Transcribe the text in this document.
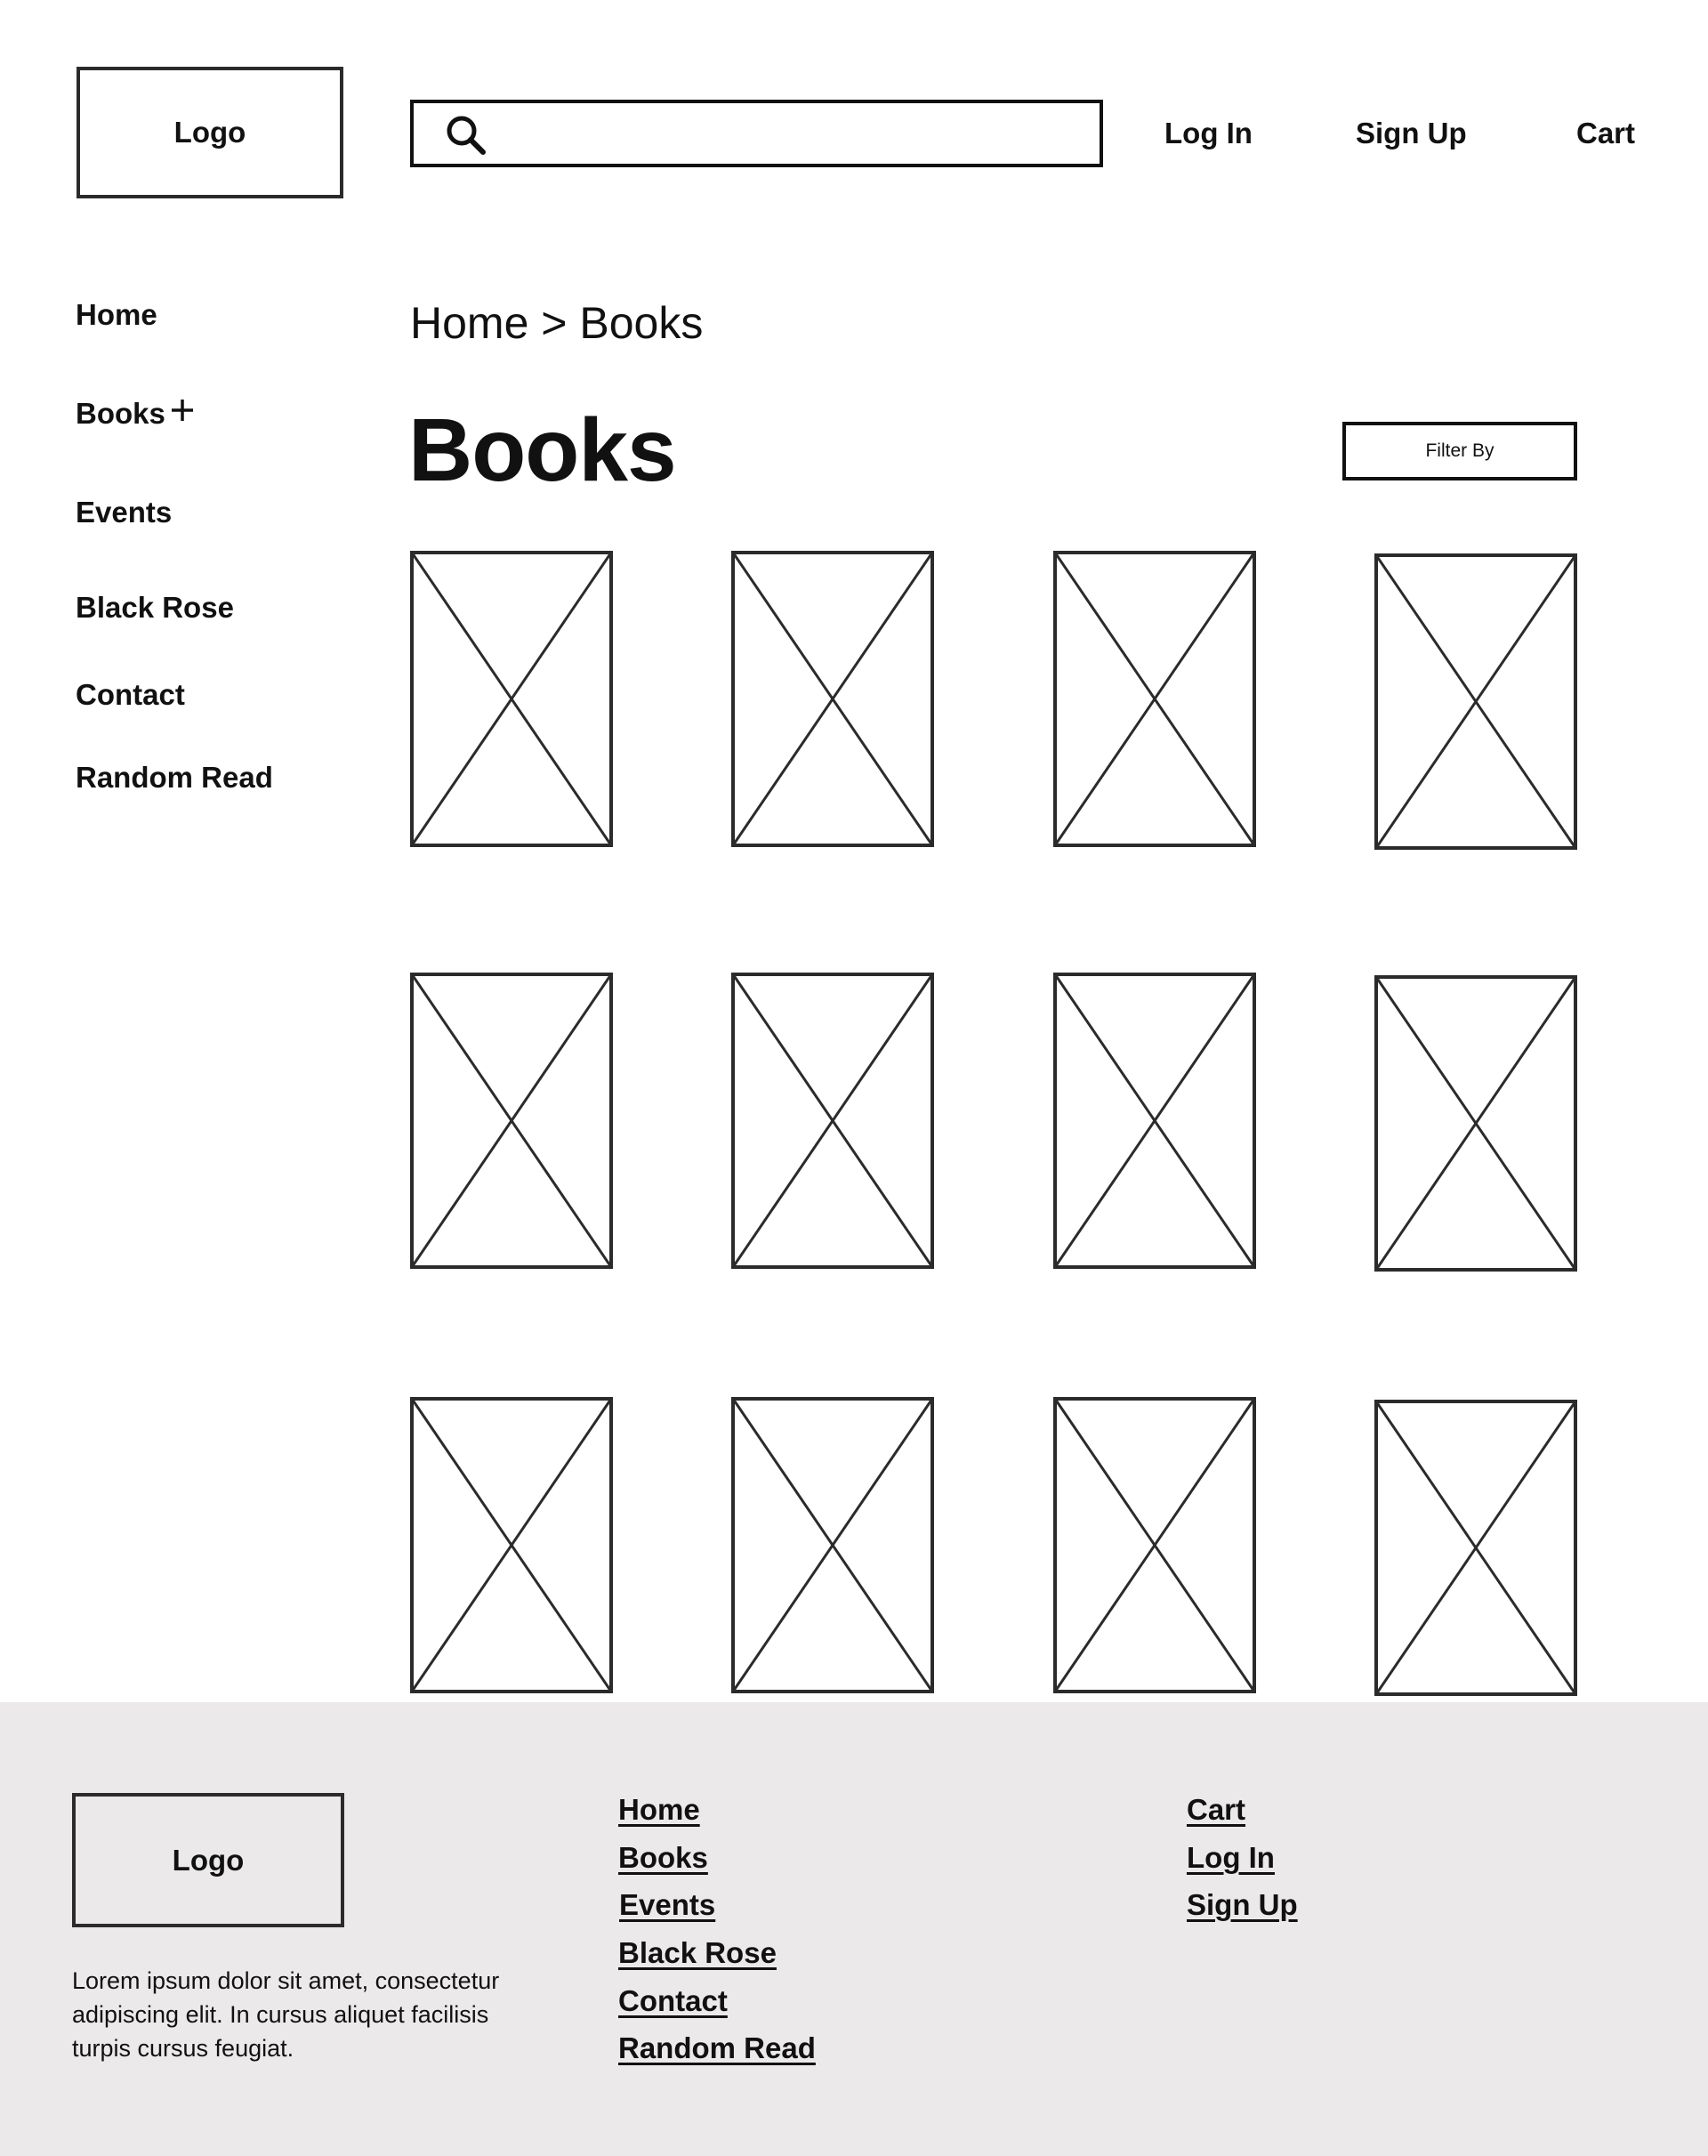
Logo	Log In	Sign Up	Cart
Home
Books
Events
Black Rose
Contact
Random Read
Home > Books
Books	Filter By
Logo
Lorem ipsum dolor sit amet, consectetur adipiscing elit. In cursus aliquet facilisis turpis cursus feugiat.
Home
Books
Events
Black Rose
Contact
Random Read
Cart
Log In
Sign Up
